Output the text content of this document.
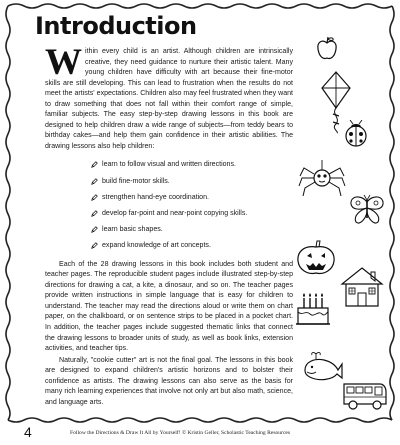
Introduction
W ithin every child is an artist. Although children are intrinsically creative, they need guidance to nurture their artistic talent. Many young children have difficulty with art because their fine-motor skills are still developing. This can lead to frustration when the results do not meet the artists' expectations. Children also may feel frustrated when they want to draw something that does not fall within their comfort range of simple, familiar subjects. The easy step-by-step drawing lessons in this book are designed to help children draw a wide range of subjects—from teddy bears to birthday cakes—and help them gain confidence in their artistic abilities. The drawing lessons also help children:

learn to follow visual and written directions.
build fine-motor skills.
strengthen hand-eye coordination.
develop far-point and near-point copying skills.
learn basic shapes.
expand knowledge of art concepts.

Each of the 28 drawing lessons in this book includes both student and teacher pages. The reproducible student pages include illustrated step-by-step directions for drawing a cat, a kite, a dinosaur, and so on. The teacher pages provide written instructions in simple language that is easy for children to understand. The teacher may read the directions aloud or write them on chart paper, on the chalkboard, or on sentence strips to be placed in a pocket chart. In addition, the teacher pages include suggested thematic links that connect the drawing lessons to broader units of study, as well as book links, extension activities, and teacher tips.

Naturally, "cookie cutter" art is not the final goal. The lessons in this book are designed to expand children's artistic horizons and to bolster their confidence as artists. The drawing lessons can also serve as the basis for many rich learning experiences that involve not only art but also math, science, and language arts.

4	Follow the Directions & Draw It All by Yourself! © Kristin Geller, Scholastic Teaching Resources
